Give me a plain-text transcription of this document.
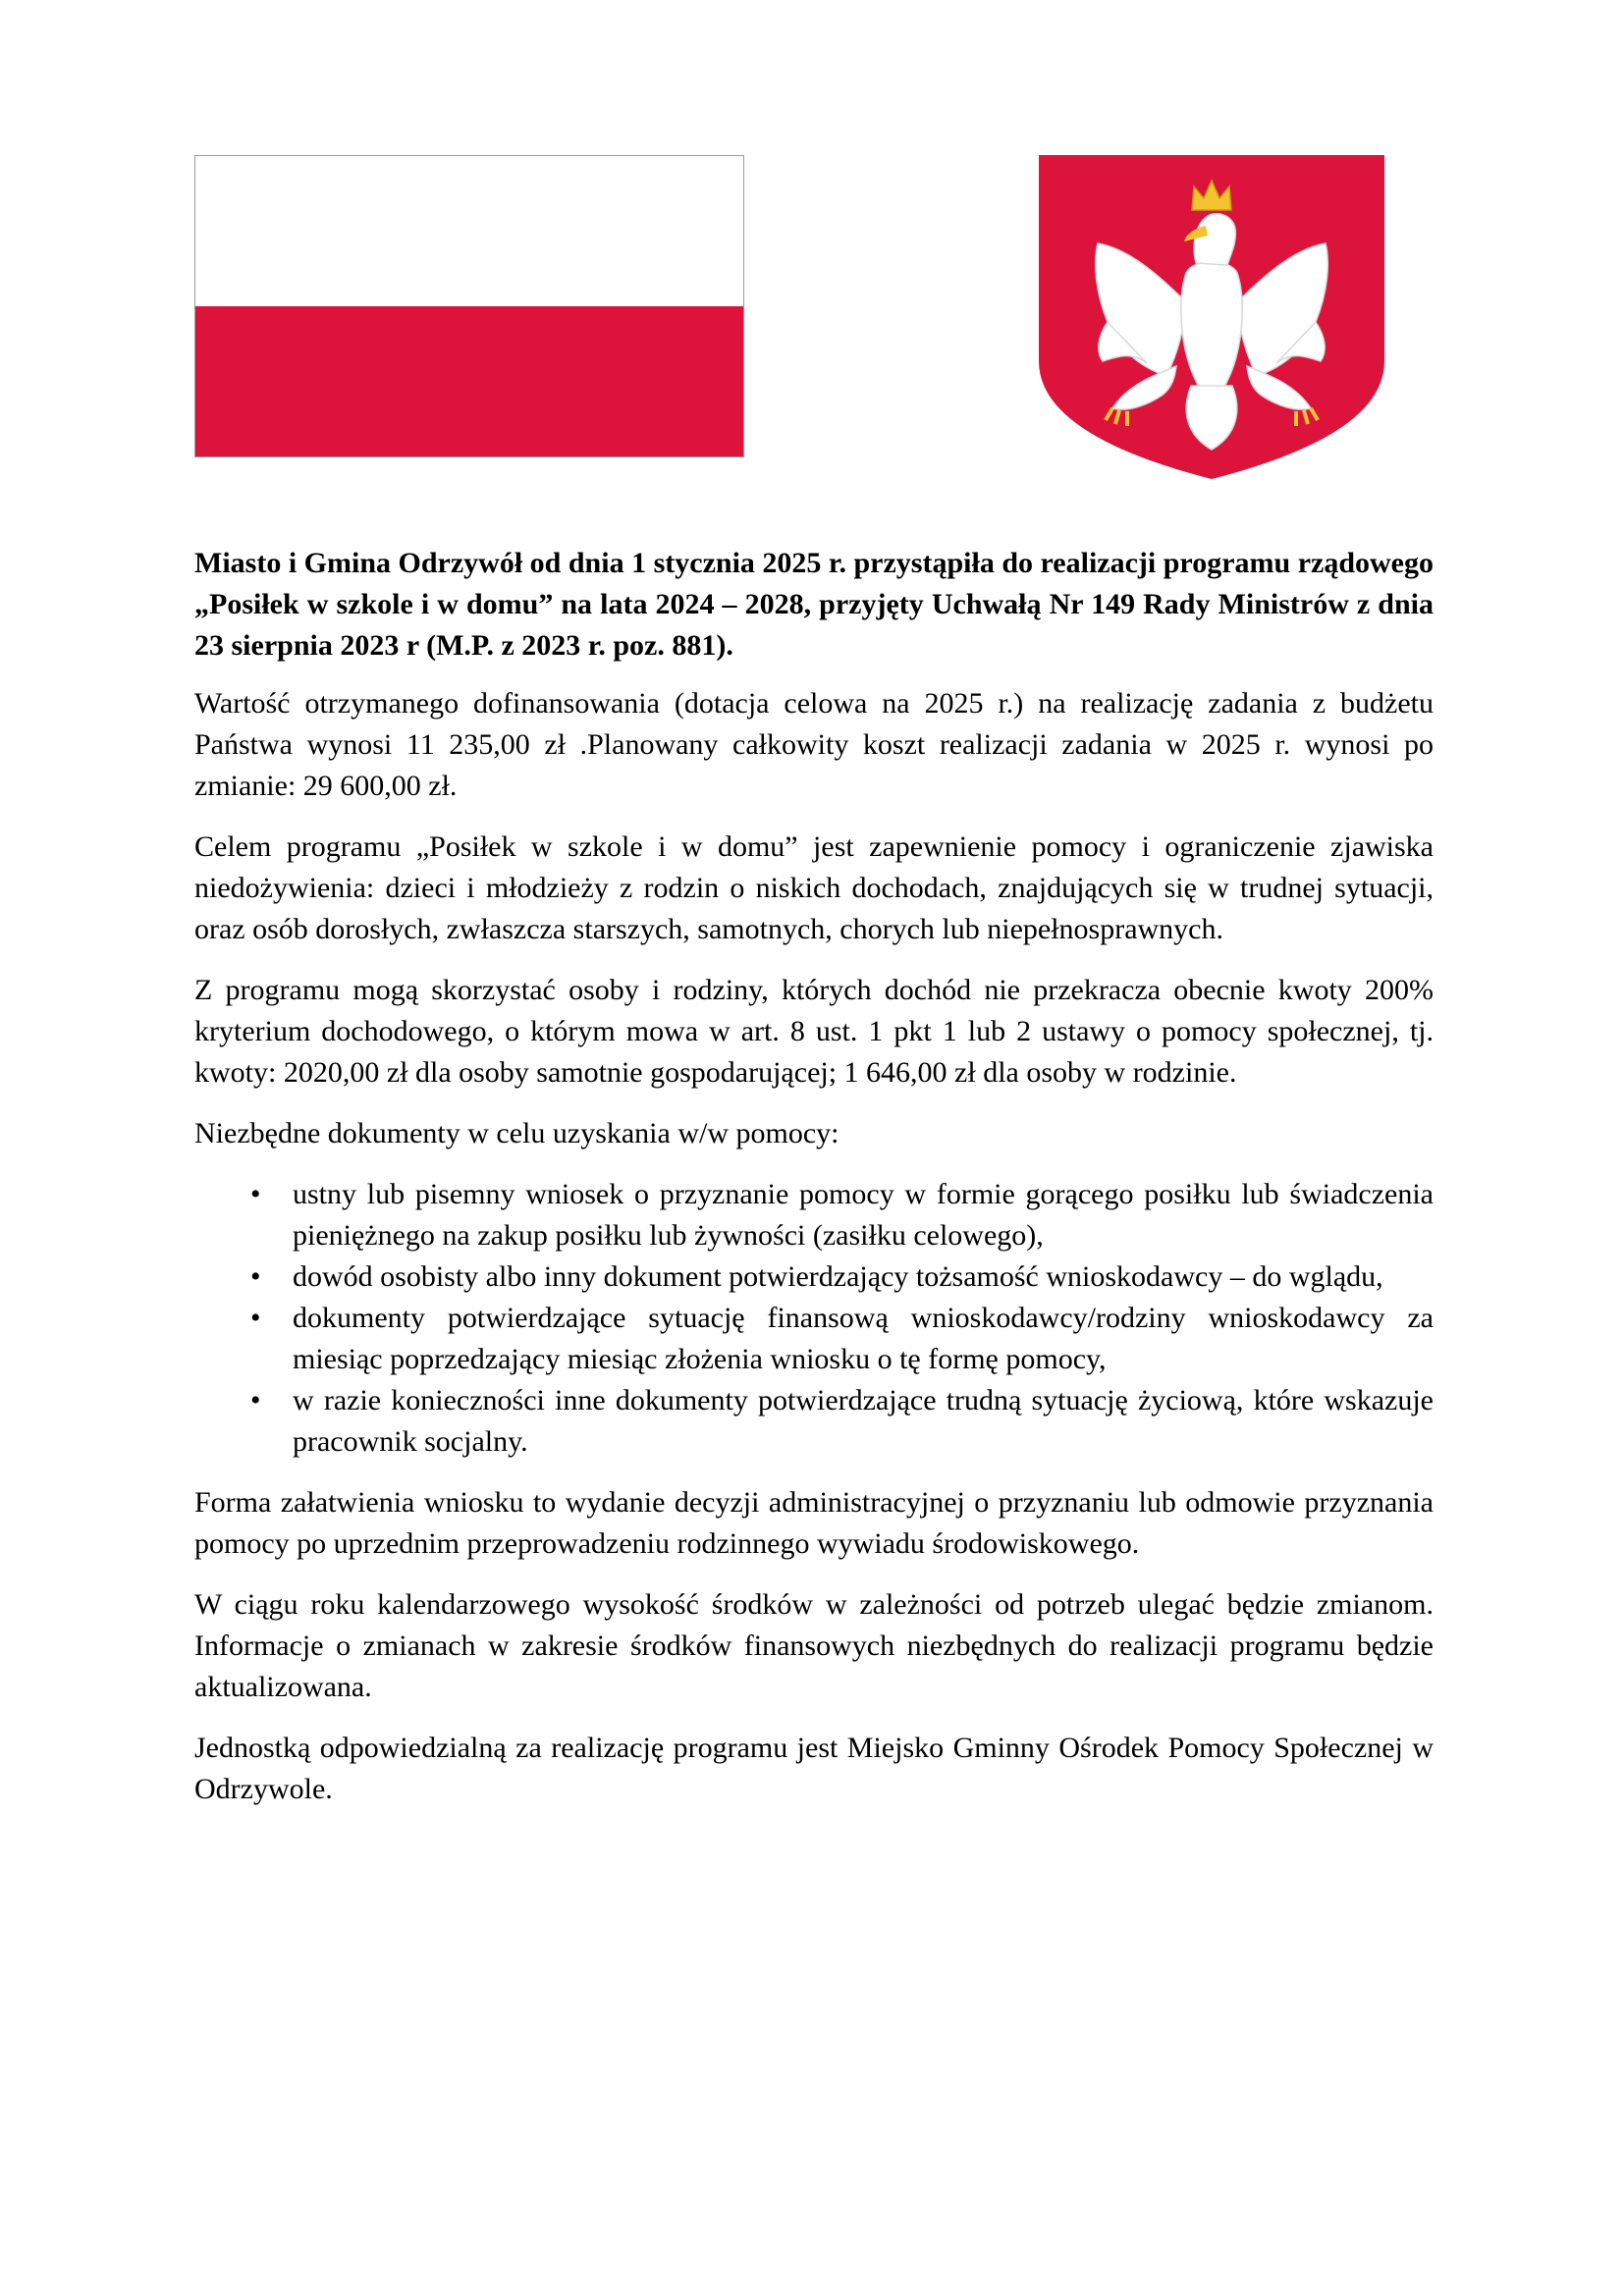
Miasto i Gmina Odrzywół od dnia 1 stycznia 2025 r. przystąpiła do realizacji programu rządowego „Posiłek w szkole i w domu” na lata 2024 – 2028, przyjęty Uchwałą Nr 149 Rady Ministrów z dnia 23 sierpnia 2023 r (M.P. z 2023 r. poz. 881).

Wartość otrzymanego dofinansowania (dotacja celowa na 2025 r.) na realizację zadania z budżetu Państwa wynosi 11 235,00 zł .Planowany całkowity koszt realizacji zadania w 2025 r. wynosi po zmianie: 29 600,00 zł.

Celem programu „Posiłek w szkole i w domu” jest zapewnienie pomocy i ograniczenie zjawiska niedożywienia: dzieci i młodzieży z rodzin o niskich dochodach, znajdujących się w trudnej sytuacji, oraz osób dorosłych, zwłaszcza starszych, samotnych, chorych lub niepełnosprawnych.

Z programu mogą skorzystać osoby i rodziny, których dochód nie przekracza obecnie kwoty 200% kryterium dochodowego, o którym mowa w art. 8 ust. 1 pkt 1 lub 2 ustawy o pomocy społecznej, tj. kwoty: 2020,00 zł dla osoby samotnie gospodarującej; 1 646,00 zł dla osoby w rodzinie.

Niezbędne dokumenty w celu uzyskania w/w pomocy:

• ustny lub pisemny wniosek o przyznanie pomocy w formie gorącego posiłku lub świadczenia pieniężnego na zakup posiłku lub żywności (zasiłku celowego),
• dowód osobisty albo inny dokument potwierdzający tożsamość wnioskodawcy – do wglądu,
• dokumenty potwierdzające sytuację finansową wnioskodawcy/rodziny wnioskodawcy za miesiąc poprzedzający miesiąc złożenia wniosku o tę formę pomocy,
• w razie konieczności inne dokumenty potwierdzające trudną sytuację życiową, które wskazuje pracownik socjalny.

Forma załatwienia wniosku to wydanie decyzji administracyjnej o przyznaniu lub odmowie przyznania pomocy po uprzednim przeprowadzeniu rodzinnego wywiadu środowiskowego.

W ciągu roku kalendarzowego wysokość środków w zależności od potrzeb ulegać będzie zmianom. Informacje o zmianach w zakresie środków finansowych niezbędnych do realizacji programu będzie aktualizowana.

Jednostką odpowiedzialną za realizację programu jest Miejsko Gminny Ośrodek Pomocy Społecznej w Odrzywole.
